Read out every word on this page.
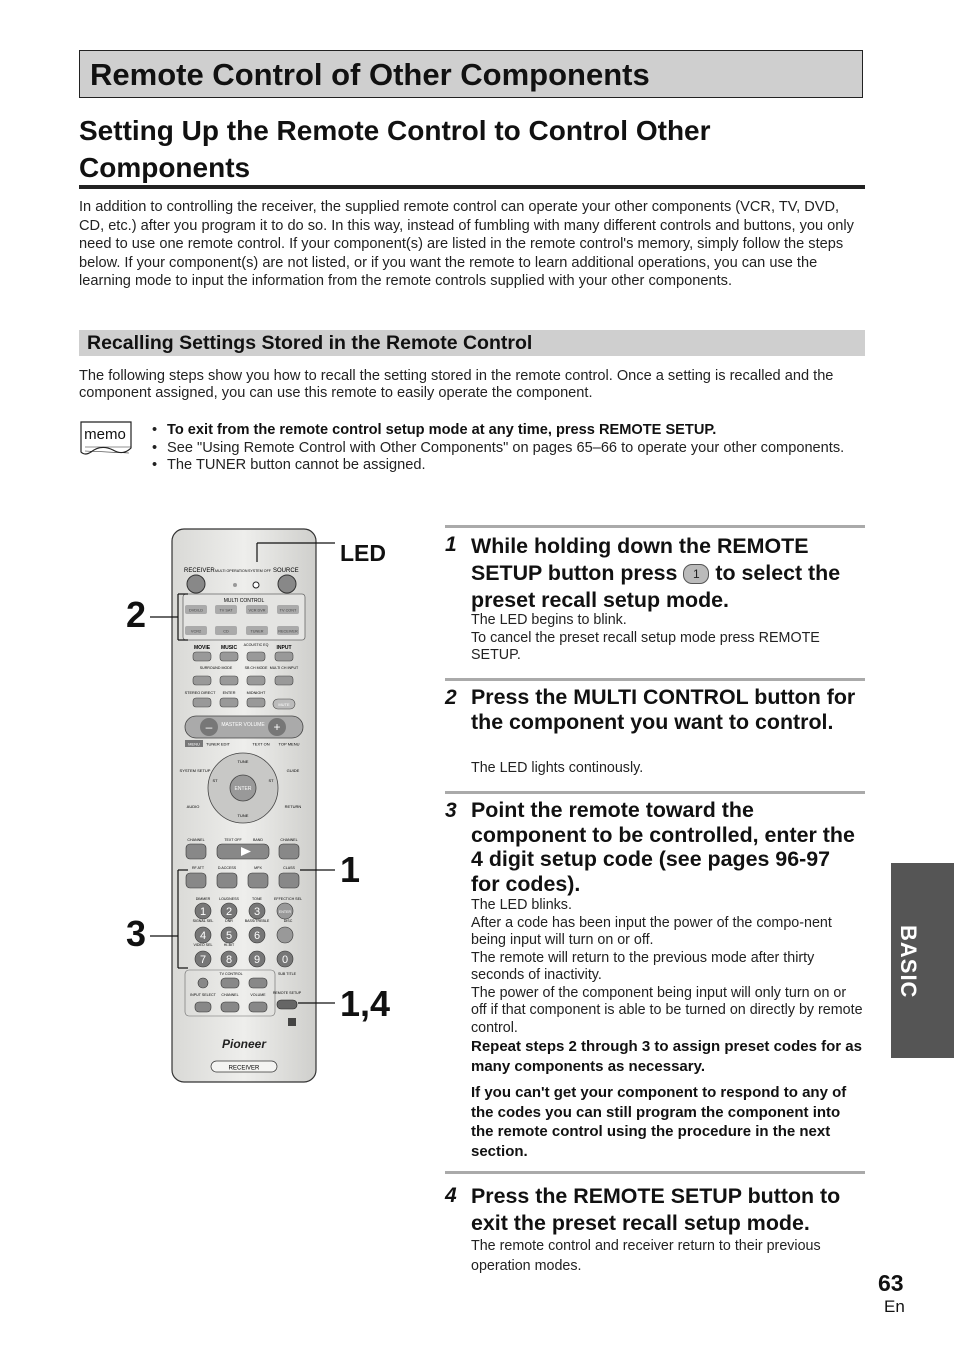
Remote Control of Other Components
Setting Up the Remote Control to Control Other Components
In addition to controlling the receiver, the supplied remote control can operate your other components (VCR, TV, DVD, CD, etc.) after you program it to do so. In this way, instead of fumbling with many different controls and buttons, you only need to use one remote control. If your component(s) are listed in the remote control's memory, simply follow the steps below. If your component(s) are not listed, or if you want the remote to learn additional operations, you can use the learning mode to input the information from the remote controls supplied with your other components.
Recalling Settings Stored in the Remote Control
The following steps show you how to recall the setting stored in the remote control. Once a setting is recalled and the component assigned, you can use this remote to easily operate the component.
memo • To exit from the remote control setup mode at any time, press REMOTE SETUP.
• See "Using Remote Control with Other Components" on pages 65–66 to operate your other components.
• The TUNER button cannot be assigned.
RECEIVER MULTI OPERATION SYSTEM OFF SOURCE
MULTI CONTROL
DVD/LD	TV SAT	VCR DVR	TV CONT
VCR2	CD	TUNER	RECEIVER
MOVIE MUSIC	INPUT
ACOUSTIC EQ
SURROUND MODE	SB CH MODE MULTI CH INPUT
STEREO DIRECT ENTER	MIDNIGHT
MUTE
–	+
MASTER VOLUME
MENU TUNER EDIT	TEXT ON TOP MENU
SYSTEM SETUP	GUIDE
AUDIO	RETURN
ENTER
TUNE
TUNE
ST	ST
CHANNEL	TEXT OFF	BAND	CHANNEL
RF ATT	D.ACCESS	MPX	CLASS
DIMMER LOUDNESS	TONE	EFFECT/CH SEL
SIGNAL SEL	DNR	BASS/TREBLE	DISC
VIDEO SEL	HI-BIT
1 2 3
4 5 6
7 8 9 0
ENTER
TV CONTROL	SUB TITLE
INPUT SELECT CHANNEL	VOLUME REMOTE SETUP
Pioneer
RECEIVER
LED
2
1
3
1,4
1 While holding down the REMOTE SETUP button press 1 to select the preset recall setup mode.
The LED begins to blink.
To cancel the preset recall setup mode press REMOTE SETUP.
2 Press the MULTI CONTROL button for the component you want to control.
The LED lights continously.
3 Point the remote toward the component to be controlled, enter the 4 digit setup code (see pages 96-97 for codes).
The LED blinks.
After a code has been input the power of the compo-nent being input will turn on or off.
The remote will return to the previous mode after thirty seconds of inactivity.
The power of the component being input will only turn on or off if that component is able to be turned on directly by remote control.
Repeat steps 2 through 3 to assign preset codes for as many components as necessary.
If you can't get your component to respond to any of the codes you can still program the component into the remote control using the procedure in the next section.
4 Press the REMOTE SETUP button to exit the preset recall setup mode.
The remote control and receiver return to their previous operation modes.
BASIC
63
En
